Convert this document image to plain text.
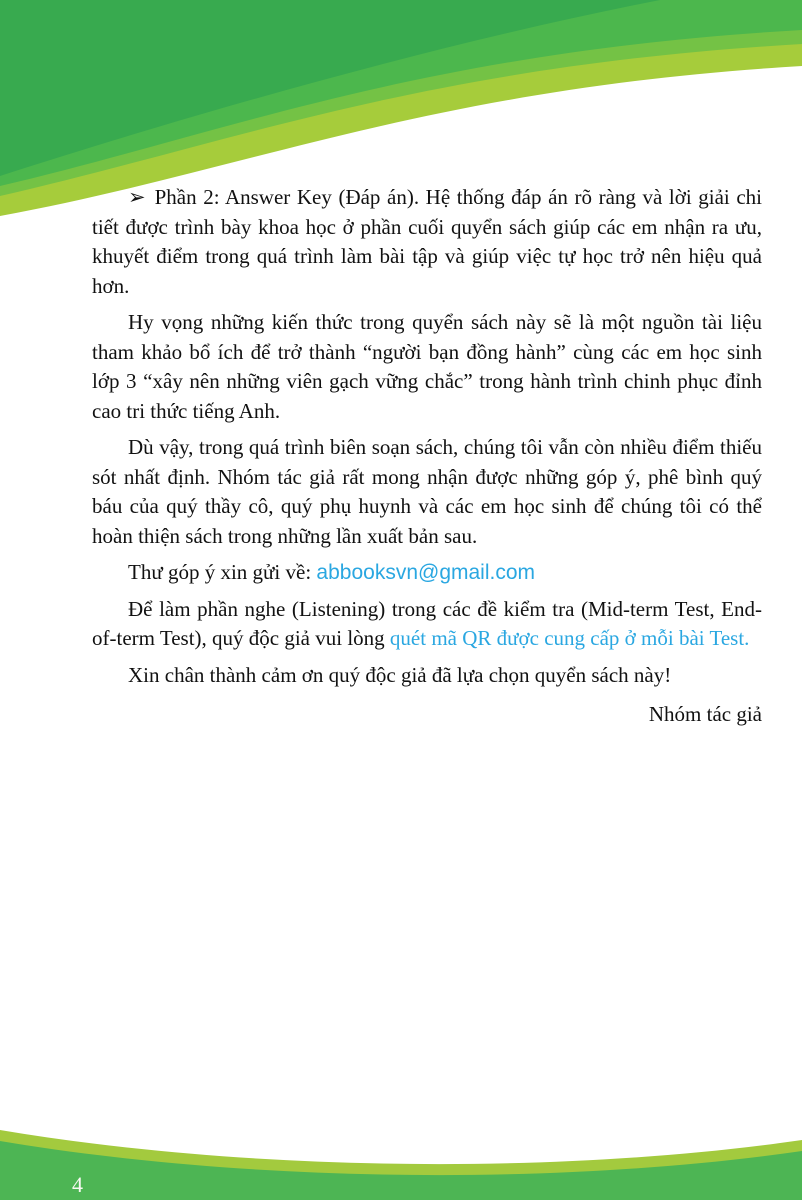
➢ Phần 2: Answer Key (Đáp án). Hệ thống đáp án rõ ràng và lời giải chi tiết được trình bày khoa học ở phần cuối quyển sách giúp các em nhận ra ưu, khuyết điểm trong quá trình làm bài tập và giúp việc tự học trở nên hiệu quả hơn.

Hy vọng những kiến thức trong quyển sách này sẽ là một nguồn tài liệu tham khảo bổ ích để trở thành “người bạn đồng hành” cùng các em học sinh lớp 3 “xây nên những viên gạch vững chắc” trong hành trình chinh phục đỉnh cao tri thức tiếng Anh.

Dù vậy, trong quá trình biên soạn sách, chúng tôi vẫn còn nhiều điểm thiếu sót nhất định. Nhóm tác giả rất mong nhận được những góp ý, phê bình quý báu của quý thầy cô, quý phụ huynh và các em học sinh để chúng tôi có thể hoàn thiện sách trong những lần xuất bản sau.

Thư góp ý xin gửi về: abbooksvn@gmail.com

Để làm phần nghe (Listening) trong các đề kiểm tra (Mid-term Test, End-of-term Test), quý độc giả vui lòng quét mã QR được cung cấp ở mỗi bài Test.

Xin chân thành cảm ơn quý độc giả đã lựa chọn quyển sách này!

Nhóm tác giả

4
